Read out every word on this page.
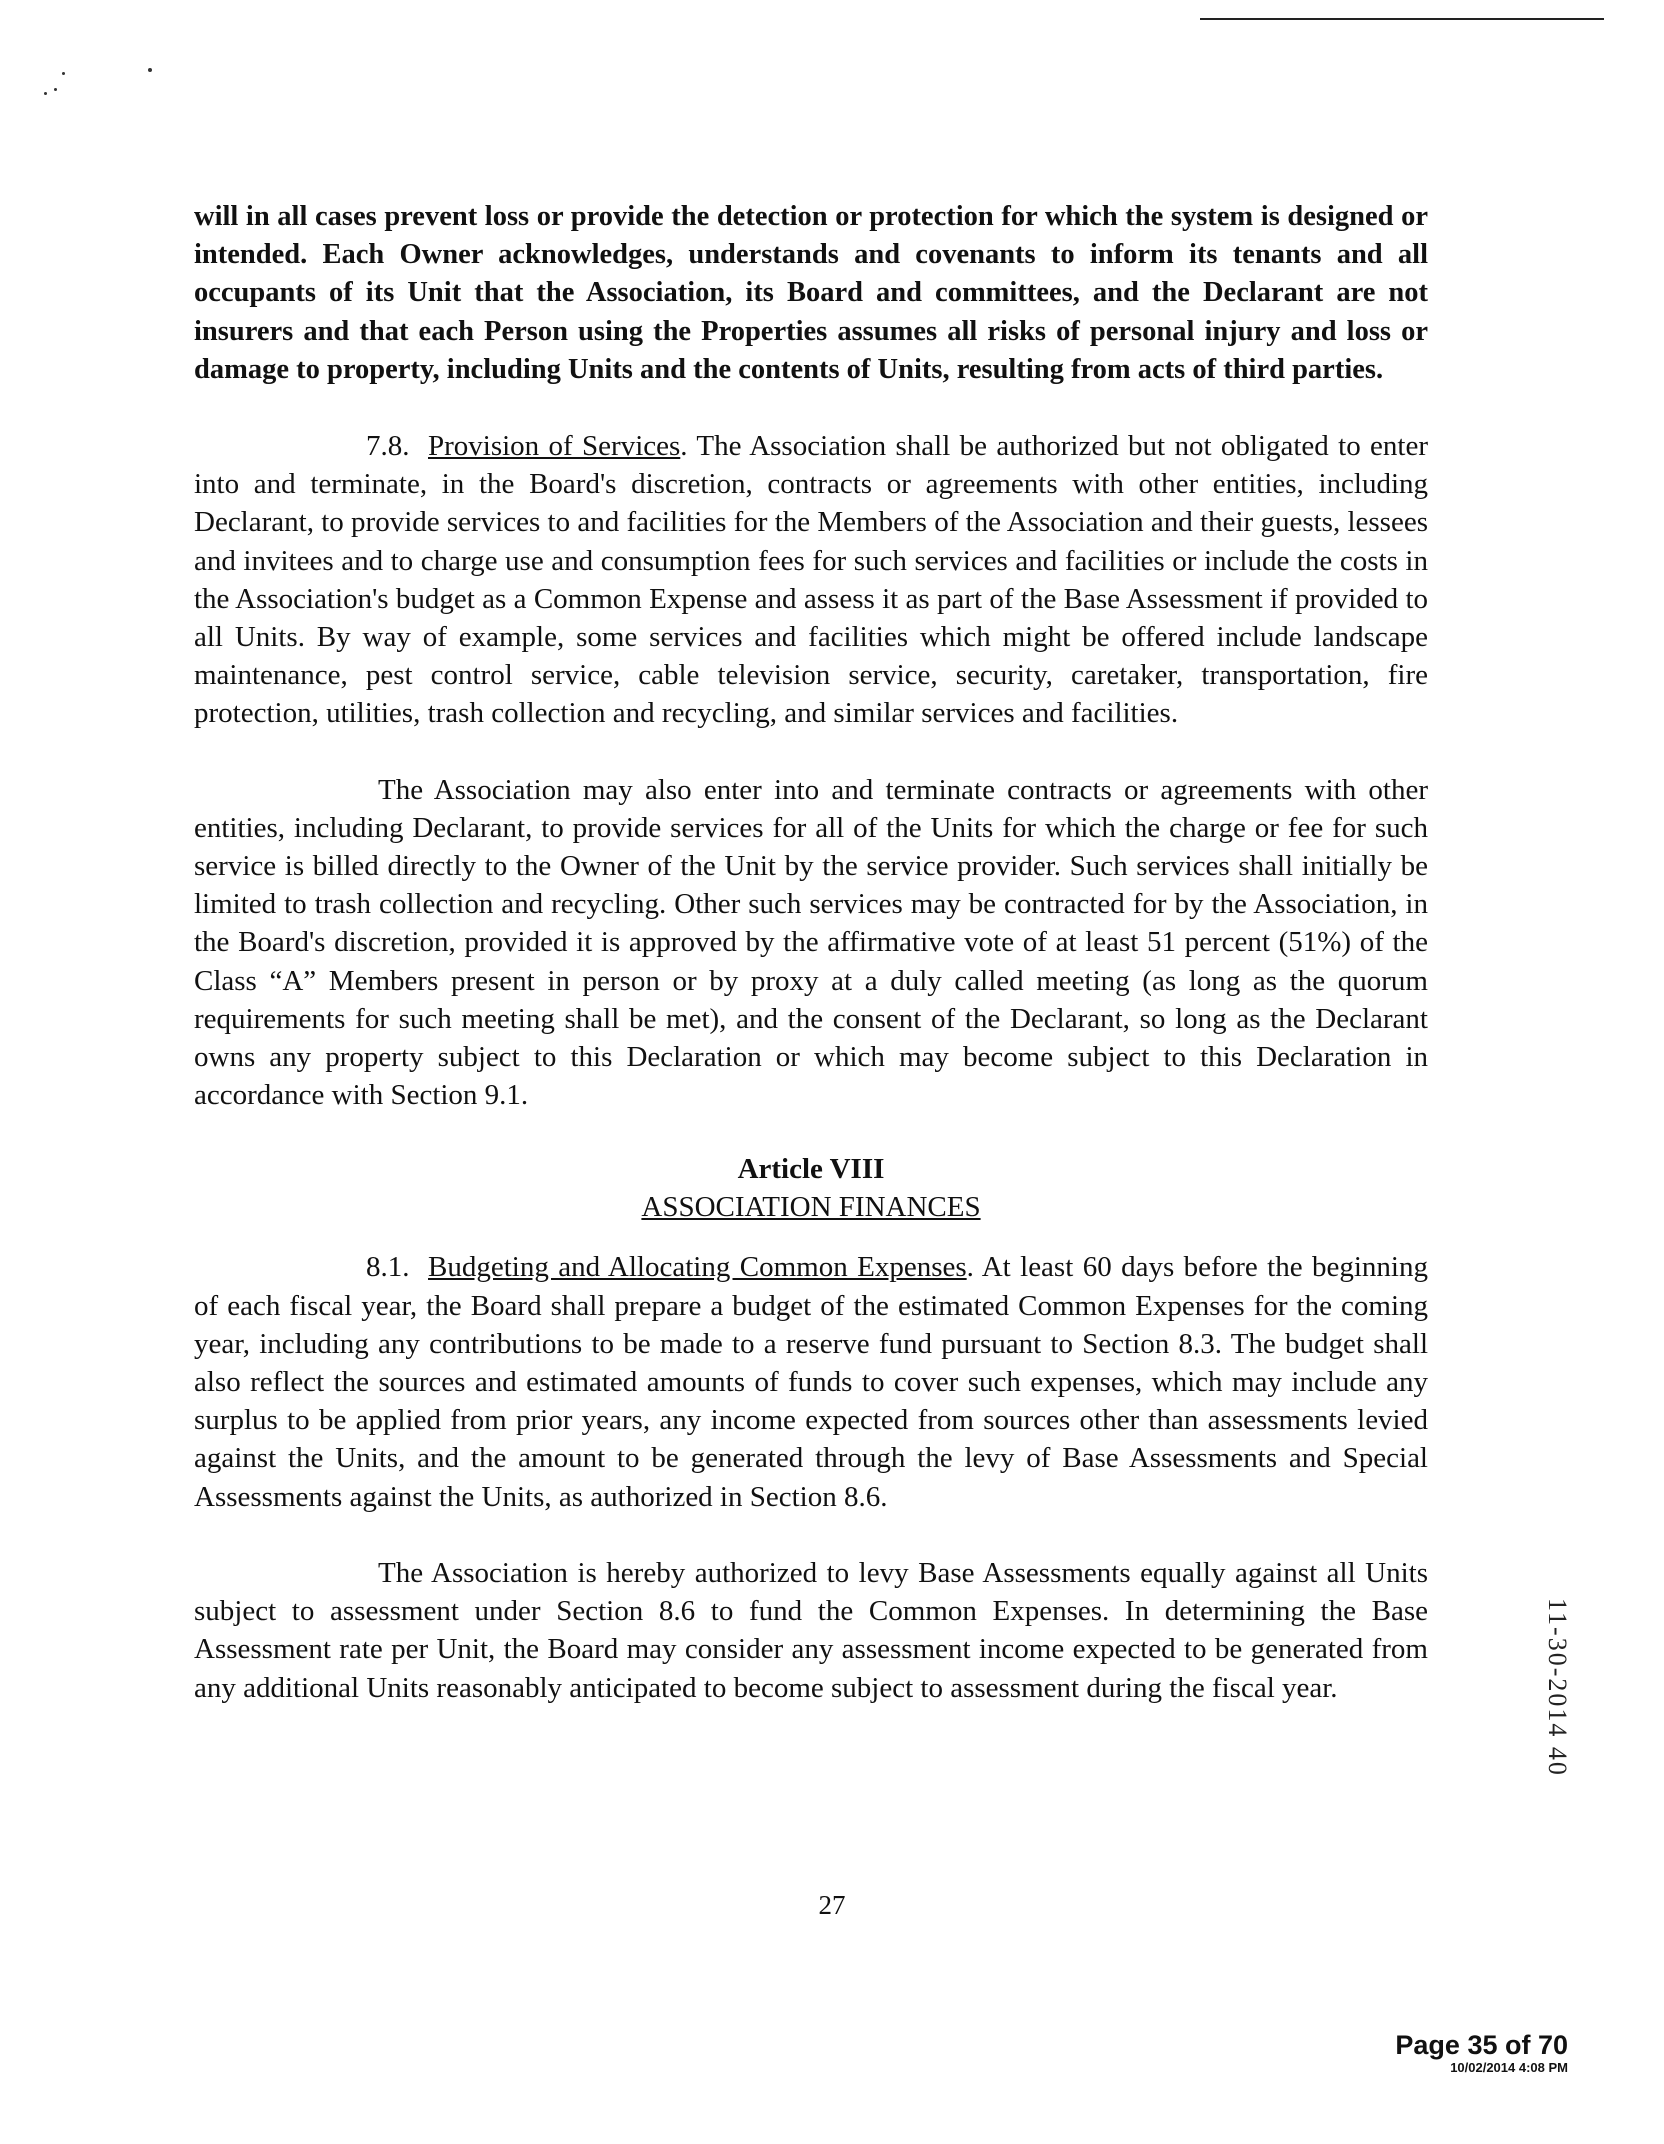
will in all cases prevent loss or provide the detection or protection for which the system is designed or intended. Each Owner acknowledges, understands and covenants to inform its tenants and all occupants of its Unit that the Association, its Board and committees, and the Declarant are not insurers and that each Person using the Properties assumes all risks of personal injury and loss or damage to property, including Units and the contents of Units, resulting from acts of third parties.

7.8. Provision of Services. The Association shall be authorized but not obligated to enter into and terminate, in the Board's discretion, contracts or agreements with other entities, including Declarant, to provide services to and facilities for the Members of the Association and their guests, lessees and invitees and to charge use and consumption fees for such services and facilities or include the costs in the Association's budget as a Common Expense and assess it as part of the Base Assessment if provided to all Units. By way of example, some services and facilities which might be offered include landscape maintenance, pest control service, cable television service, security, caretaker, transportation, fire protection, utilities, trash collection and recycling, and similar services and facilities.

The Association may also enter into and terminate contracts or agreements with other entities, including Declarant, to provide services for all of the Units for which the charge or fee for such service is billed directly to the Owner of the Unit by the service provider. Such services shall initially be limited to trash collection and recycling. Other such services may be contracted for by the Association, in the Board's discretion, provided it is approved by the affirmative vote of at least 51 percent (51%) of the Class “A” Members present in person or by proxy at a duly called meeting (as long as the quorum requirements for such meeting shall be met), and the consent of the Declarant, so long as the Declarant owns any property subject to this Declaration or which may become subject to this Declaration in accordance with Section 9.1.

Article VIII
ASSOCIATION FINANCES

8.1. Budgeting and Allocating Common Expenses. At least 60 days before the beginning of each fiscal year, the Board shall prepare a budget of the estimated Common Expenses for the coming year, including any contributions to be made to a reserve fund pursuant to Section 8.3. The budget shall also reflect the sources and estimated amounts of funds to cover such expenses, which may include any surplus to be applied from prior years, any income expected from sources other than assessments levied against the Units, and the amount to be generated through the levy of Base Assessments and Special Assessments against the Units, as authorized in Section 8.6.

The Association is hereby authorized to levy Base Assessments equally against all Units subject to assessment under Section 8.6 to fund the Common Expenses. In determining the Base Assessment rate per Unit, the Board may consider any assessment income expected to be generated from any additional Units reasonably anticipated to become subject to assessment during the fiscal year.

27
11-30-2014 40
Page 35 of 70
10/02/2014 4:08 PM
